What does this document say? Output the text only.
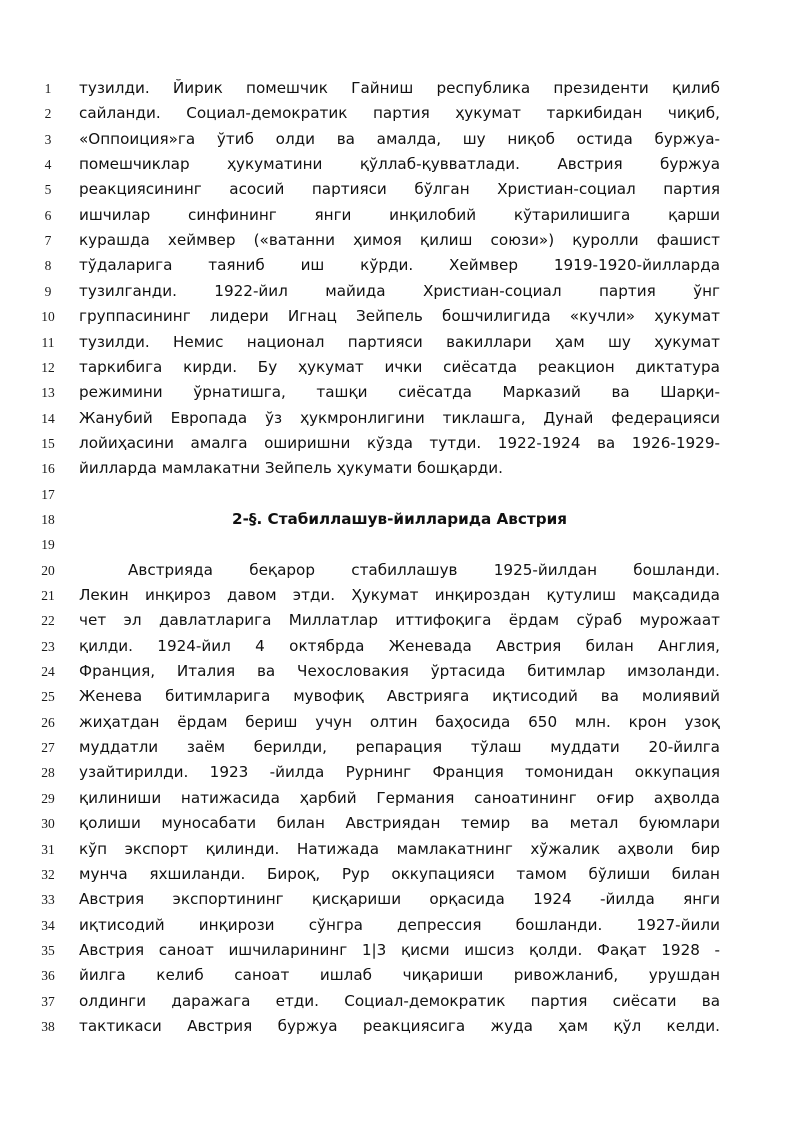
1	тузилди. Йирик помешчик Гайниш республика президенти қилиб
2	сайланди. Социал-демократик партия ҳукумат таркибидан чиқиб,
3	«Оппоиция»га ўтиб олди ва амалда, шу ниқоб остида буржуа-
4	помешчиклар ҳукуматини қўллаб-қувватлади. Австрия буржуа
5	реакциясининг асосий партияси бўлган Христиан-социал партия
6	ишчилар синфининг янги инқилобий кўтарилишига қарши
7	курашда хеймвер («ватанни ҳимоя қилиш союзи») қуролли фашист
8	тўдаларига таяниб иш кўрди. Хеймвер 1919-1920-йилларда
9	тузилганди. 1922-йил майида Христиан-социал партия ўнг
10	группасининг лидери Игнац Зейпель бошчилигида «кучли» ҳукумат
11	тузилди. Немис национал партияси вакиллари ҳам шу ҳукумат
12	таркибига кирди. Бу ҳукумат ички сиёсатда реакцион диктатура
13	режимини ўрнатишга, ташқи сиёсатда Марказий ва Шарқи-
14	Жанубий Европада ўз ҳукмронлигини тиклашга, Дунай федерацияси
15	лойиҳасини амалга оширишни кўзда тутди. 1922-1924 ва 1926-1929-
16	йилларда мамлакатни Зейпель ҳукумати бошқарди.
17
18	2-§. Стабиллашув-йилларида Австрия
19
20	Австрияда беқарор стабиллашув 1925-йилдан бошланди.
21	Лекин инқироз давом этди. Ҳукумат инқироздан қутулиш мақсадида
22	чет эл давлатларига Миллатлар иттифоқига ёрдам сўраб мурожаат
23	қилди. 1924-йил 4 октябрда Женевада Австрия билан Англия,
24	Франция, Италия ва Чехословакия ўртасида битимлар имзоланди.
25	Женева битимларига мувофиқ Австрияга иқтисодий ва молиявий
26	жиҳатдан ёрдам бериш учун олтин баҳосида 650 млн. крон узоқ
27	муддатли заём берилди, репарация тўлаш муддати 20-йилга
28	узайтирилди. 1923 -йилда Рурнинг Франция томонидан оккупация
29	қилиниши натижасида ҳарбий Германия саноатининг оғир аҳволда
30	қолиши муносабати билан Австриядан темир ва метал буюмлари
31	кўп экспорт қилинди. Натижада мамлакатнинг хўжалик аҳволи бир
32	мунча яхшиланди. Бироқ, Рур оккупацияси тамом бўлиши билан
33	Австрия экспортининг қисқариши орқасида 1924 -йилда янги
34	иқтисодий инқирози сўнгра депрессия бошланди. 1927-йили
35	Австрия саноат ишчиларининг 1|3 қисми ишсиз қолди. Фақат 1928 -
36	йилга келиб саноат ишлаб чиқариши ривожланиб, урушдан
37	олдинги даражага етди. Социал-демократик партия сиёсати ва
38	тактикаси Австрия буржуа реакциясига жуда ҳам қўл келди.
